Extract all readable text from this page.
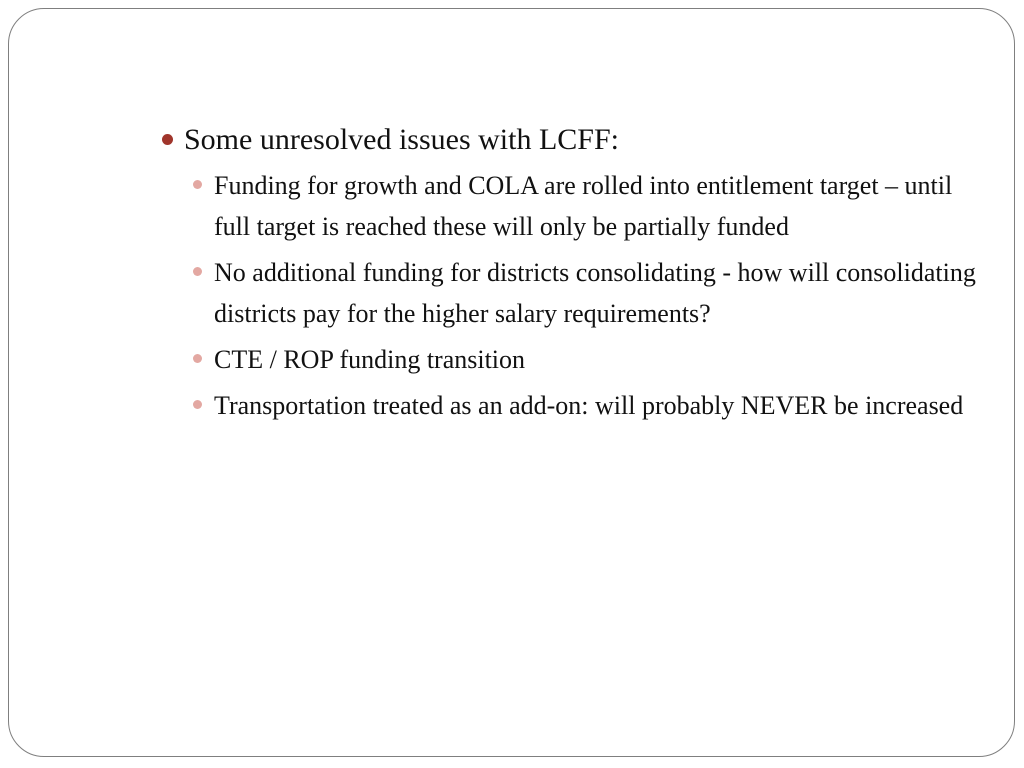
Some unresolved issues with LCFF:
Funding for growth and COLA are rolled into entitlement target – until full target is reached these will only be partially funded
No additional funding for districts consolidating - how will consolidating districts pay for the higher salary requirements?
CTE / ROP funding transition
Transportation treated as an add-on: will probably NEVER be increased
